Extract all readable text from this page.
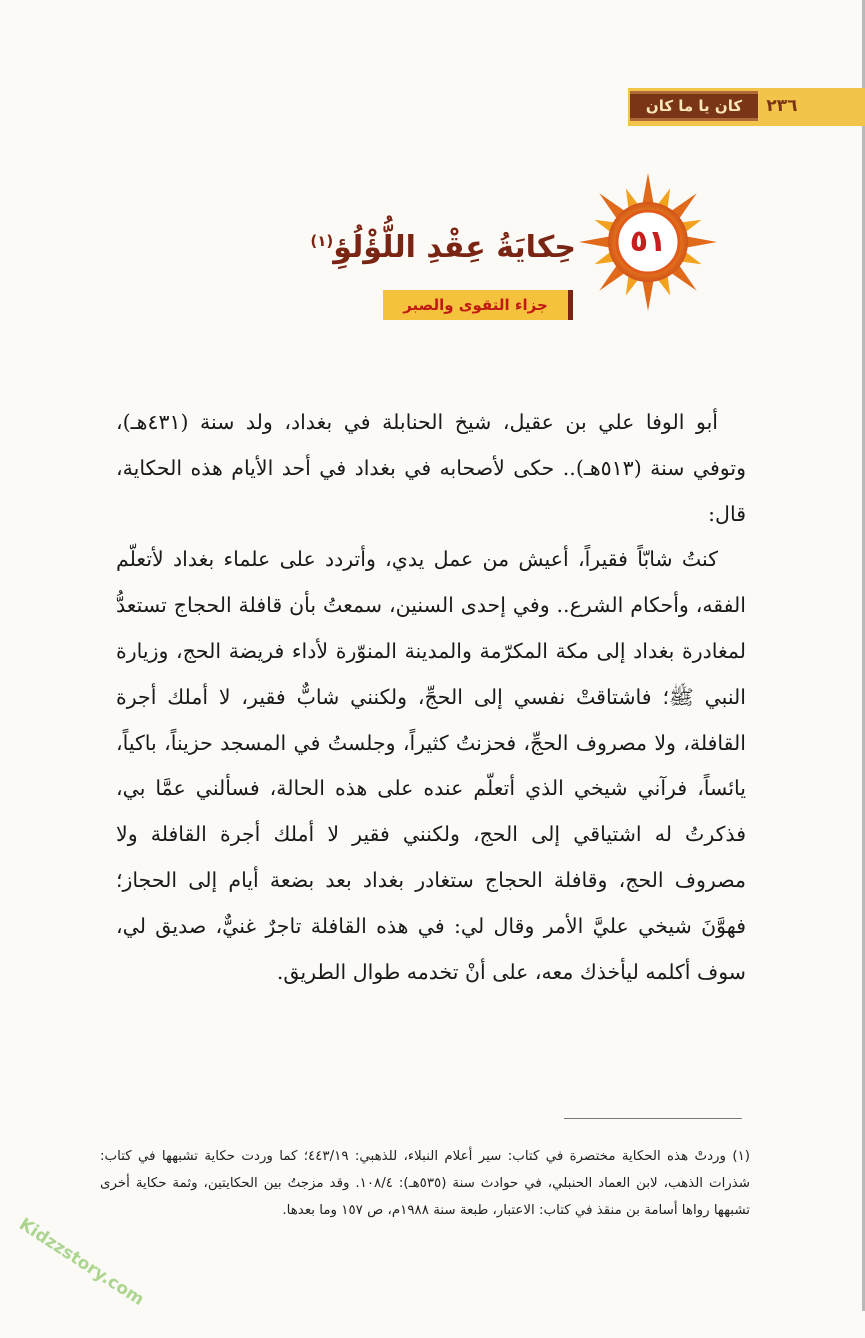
كان يا ما كان ٢٣٦
٥١
حِكايَةُ عِقْدِ اللُّؤْلُؤِ$^{(١)}$
جزاء التقوى والصبر

أبو الوفا علي بن عقيل، شيخ الحنابلة في بغداد، ولد سنة (٤٣١هـ)، وتوفي سنة (٥١٣هـ).. حكى لأصحابه في بغداد في أحد الأيام هذه الحكاية، قال:

كنتُ شابّاً فقيراً، أعيش من عمل يدي، وأتردد على علماء بغداد لأتعلّم الفقه، وأحكام الشرع.. وفي إحدى السنين، سمعتُ بأن قافلة الحجاج تستعدُّ لمغادرة بغداد إلى مكة المكرّمة والمدينة المنوّرة لأداء فريضة الحج، وزيارة النبي ﷺ؛ فاشتاقتْ نفسي إلى الحجِّ، ولكنني شابٌّ فقير، لا أملك أجرة القافلة، ولا مصروف الحجِّ، فحزنتُ كثيراً، وجلستُ في المسجد حزيناً، باكياً، يائساً، فرآني شيخي الذي أتعلّم عنده على هذه الحالة، فسألني عمَّا بي، فذكرتُ له اشتياقي إلى الحج، ولكنني فقير لا أملك أجرة القافلة ولا مصروف الحج، وقافلة الحجاج ستغادر بغداد بعد بضعة أيام إلى الحجاز؛ فهوَّنَ شيخي عليَّ الأمر وقال لي: في هذه القافلة تاجرٌ غنيٌّ، صديق لي، سوف أكلمه ليأخذك معه، على أنْ تخدمه طوال الطريق.

(١) وردتْ هذه الحكاية مختصرة في كتاب: سير أعلام النبلاء، للذهبي: ٤٤٣/١٩؛ كما وردت حكاية تشبهها في كتاب: شذرات الذهب، لابن العماد الحنبلي، في حوادث سنة (٥٣٥هـ): ١٠٨/٤. وقد مزجتُ بين الحكايتين، وثمة حكاية أخرى تشبهها رواها أسامة بن منقذ في كتاب: الاعتبار، طبعة سنة ١٩٨٨م، ص ١٥٧ وما بعدها.
Kidzzstory.com
